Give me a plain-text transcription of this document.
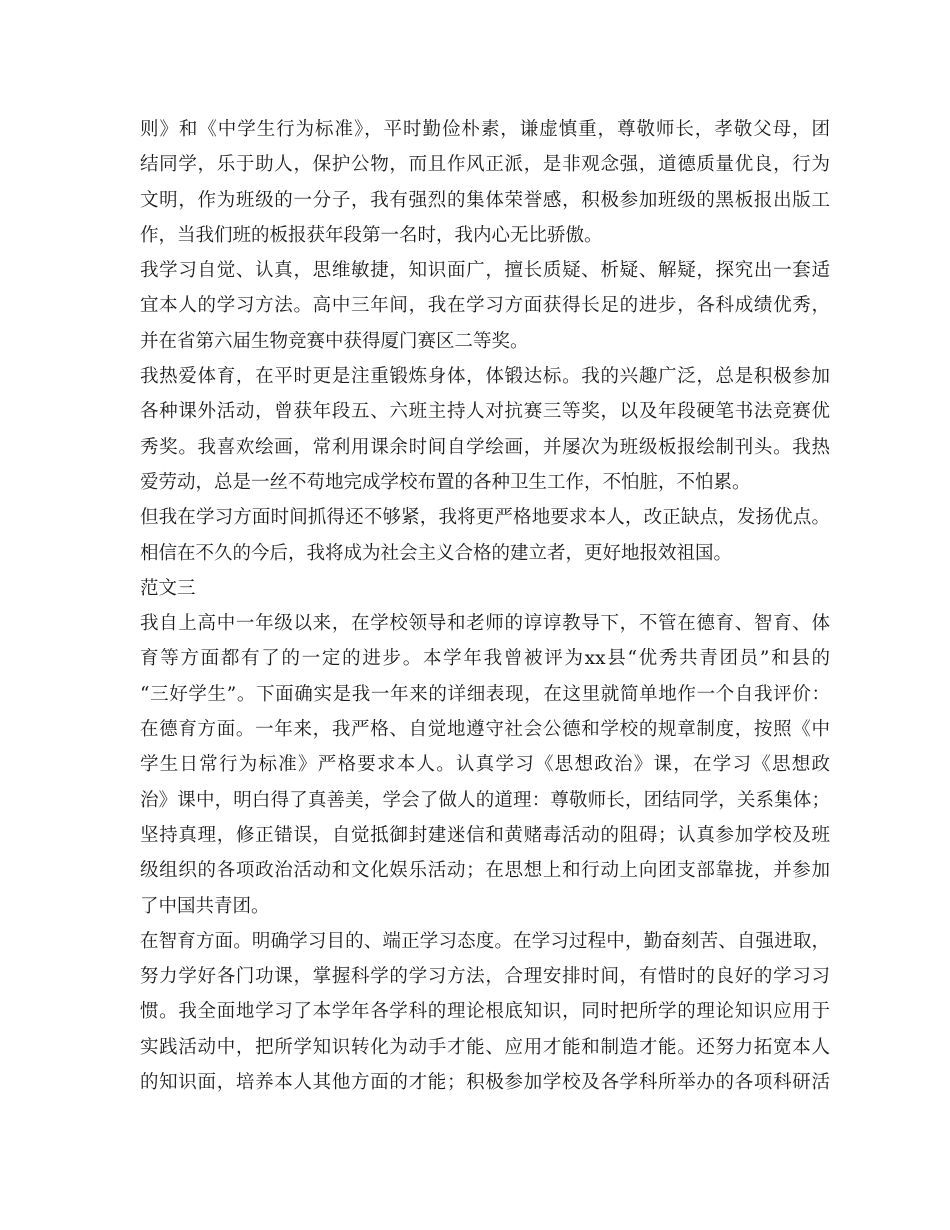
则》和《中学生行为标准》，平时勤俭朴素，谦虚慎重，尊敬师长，孝敬父母，团
结同学，乐于助人，保护公物，而且作风正派，是非观念强，道德质量优良，行为
文明，作为班级的一分子，我有强烈的集体荣誉感，积极参加班级的黑板报出版工
作，当我们班的板报获年段第一名时，我内心无比骄傲。
我学习自觉、认真，思维敏捷，知识面广，擅长质疑、析疑、解疑，探究出一套适
宜本人的学习方法。高中三年间，我在学习方面获得长足的进步，各科成绩优秀，
并在省第六届生物竞赛中获得厦门赛区二等奖。
我热爱体育，在平时更是注重锻炼身体，体锻达标。我的兴趣广泛，总是积极参加
各种课外活动，曾获年段五、六班主持人对抗赛三等奖，以及年段硬笔书法竞赛优
秀奖。我喜欢绘画，常利用课余时间自学绘画，并屡次为班级板报绘制刊头。我热
爱劳动，总是一丝不苟地完成学校布置的各种卫生工作，不怕脏，不怕累。
但我在学习方面时间抓得还不够紧，我将更严格地要求本人，改正缺点，发扬优点。
相信在不久的今后，我将成为社会主义合格的建立者，更好地报效祖国。
范文三
我自上高中一年级以来，在学校领导和老师的谆谆教导下，不管在德育、智育、体
育等方面都有了的一定的进步。本学年我曾被评为xx县“优秀共青团员”和县的
“三好学生”。下面确实是我一年来的详细表现，在这里就简单地作一个自我评价：
在德育方面。一年来，我严格、自觉地遵守社会公德和学校的规章制度，按照《中
学生日常行为标准》严格要求本人。认真学习《思想政治》课，在学习《思想政
治》课中，明白得了真善美，学会了做人的道理：尊敬师长，团结同学，关系集体；
坚持真理，修正错误，自觉抵御封建迷信和黄赌毒活动的阻碍；认真参加学校及班
级组织的各项政治活动和文化娱乐活动；在思想上和行动上向团支部靠拢，并参加
了中国共青团。
在智育方面。明确学习目的、端正学习态度。在学习过程中，勤奋刻苦、自强进取，
努力学好各门功课，掌握科学的学习方法，合理安排时间，有惜时的良好的学习习
惯。我全面地学习了本学年各学科的理论根底知识，同时把所学的理论知识应用于
实践活动中，把所学知识转化为动手才能、应用才能和制造才能。还努力拓宽本人
的知识面，培养本人其他方面的才能；积极参加学校及各学科所举办的各项科研活
